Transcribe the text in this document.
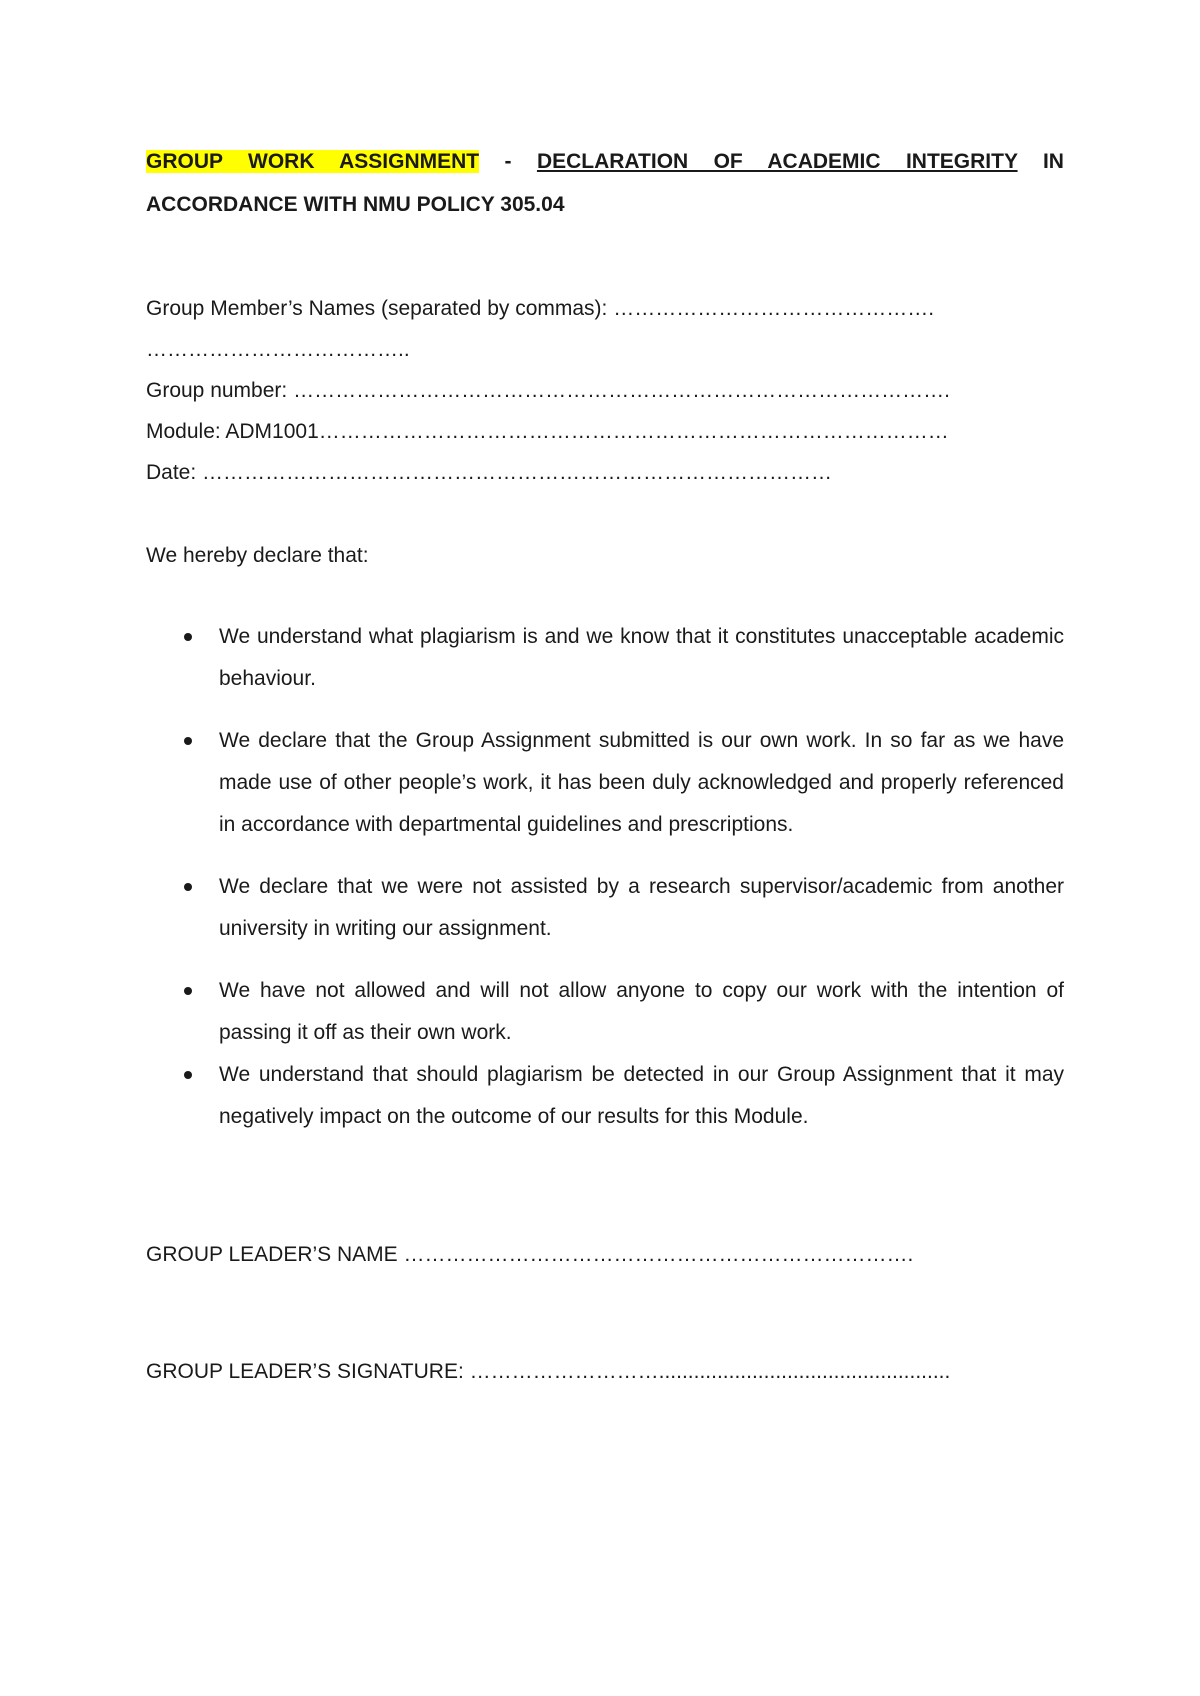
GROUP WORK ASSIGNMENT - DECLARATION OF ACADEMIC INTEGRITY IN ACCORDANCE WITH NMU POLICY 305.04

Group Member’s Names (separated by commas): ……………………………………….
………………………………..
Group number: ………………………………………………………………………………….
Module: ADM1001………………………………………………………………………………
Date: ………………………………………………………………………………
We hereby declare that:
We understand what plagiarism is and we know that it constitutes unacceptable academic behaviour.
We declare that the Group Assignment submitted is our own work. In so far as we have made use of other people’s work, it has been duly acknowledged and properly referenced in accordance with departmental guidelines and prescriptions.
We declare that we were not assisted by a research supervisor/academic from another university in writing our assignment.
We have not allowed and will not allow anyone to copy our work with the intention of passing it off as their own work.
We understand that should plagiarism be detected in our Group Assignment that it may negatively impact on the outcome of our results for this Module.
GROUP LEADER’S NAME ……………………………………………………………….
GROUP LEADER’S SIGNATURE: ………………………..................................................
